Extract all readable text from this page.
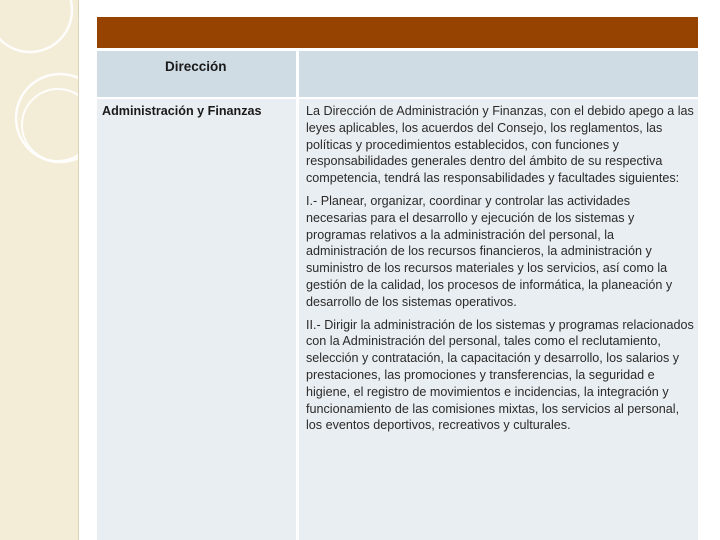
Dirección
Administración y Finanzas	La Dirección de Administración y Finanzas, con el debido apego a las leyes aplicables, los acuerdos del Consejo, los reglamentos, las políticas y procedimientos establecidos, con funciones y responsabilidades generales dentro del ámbito de su respectiva competencia, tendrá las responsabilidades y facultades siguientes:

I.- Planear, organizar, coordinar y controlar las actividades necesarias para el desarrollo y ejecución de los sistemas y programas relativos a la administración del personal, la administración de los recursos financieros, la administración y suministro de los recursos materiales y los servicios, así como la gestión de la calidad, los procesos de informática, la planeación y desarrollo de los sistemas operativos.

II.- Dirigir la administración de los sistemas y programas relacionados con la Administración del personal, tales como el reclutamiento, selección y contratación, la capacitación y desarrollo, los salarios y prestaciones, las promociones y transferencias, la seguridad e higiene, el registro de movimientos e incidencias, la integración y funcionamiento de las comisiones mixtas, los servicios al personal, los eventos deportivos, recreativos y culturales.
